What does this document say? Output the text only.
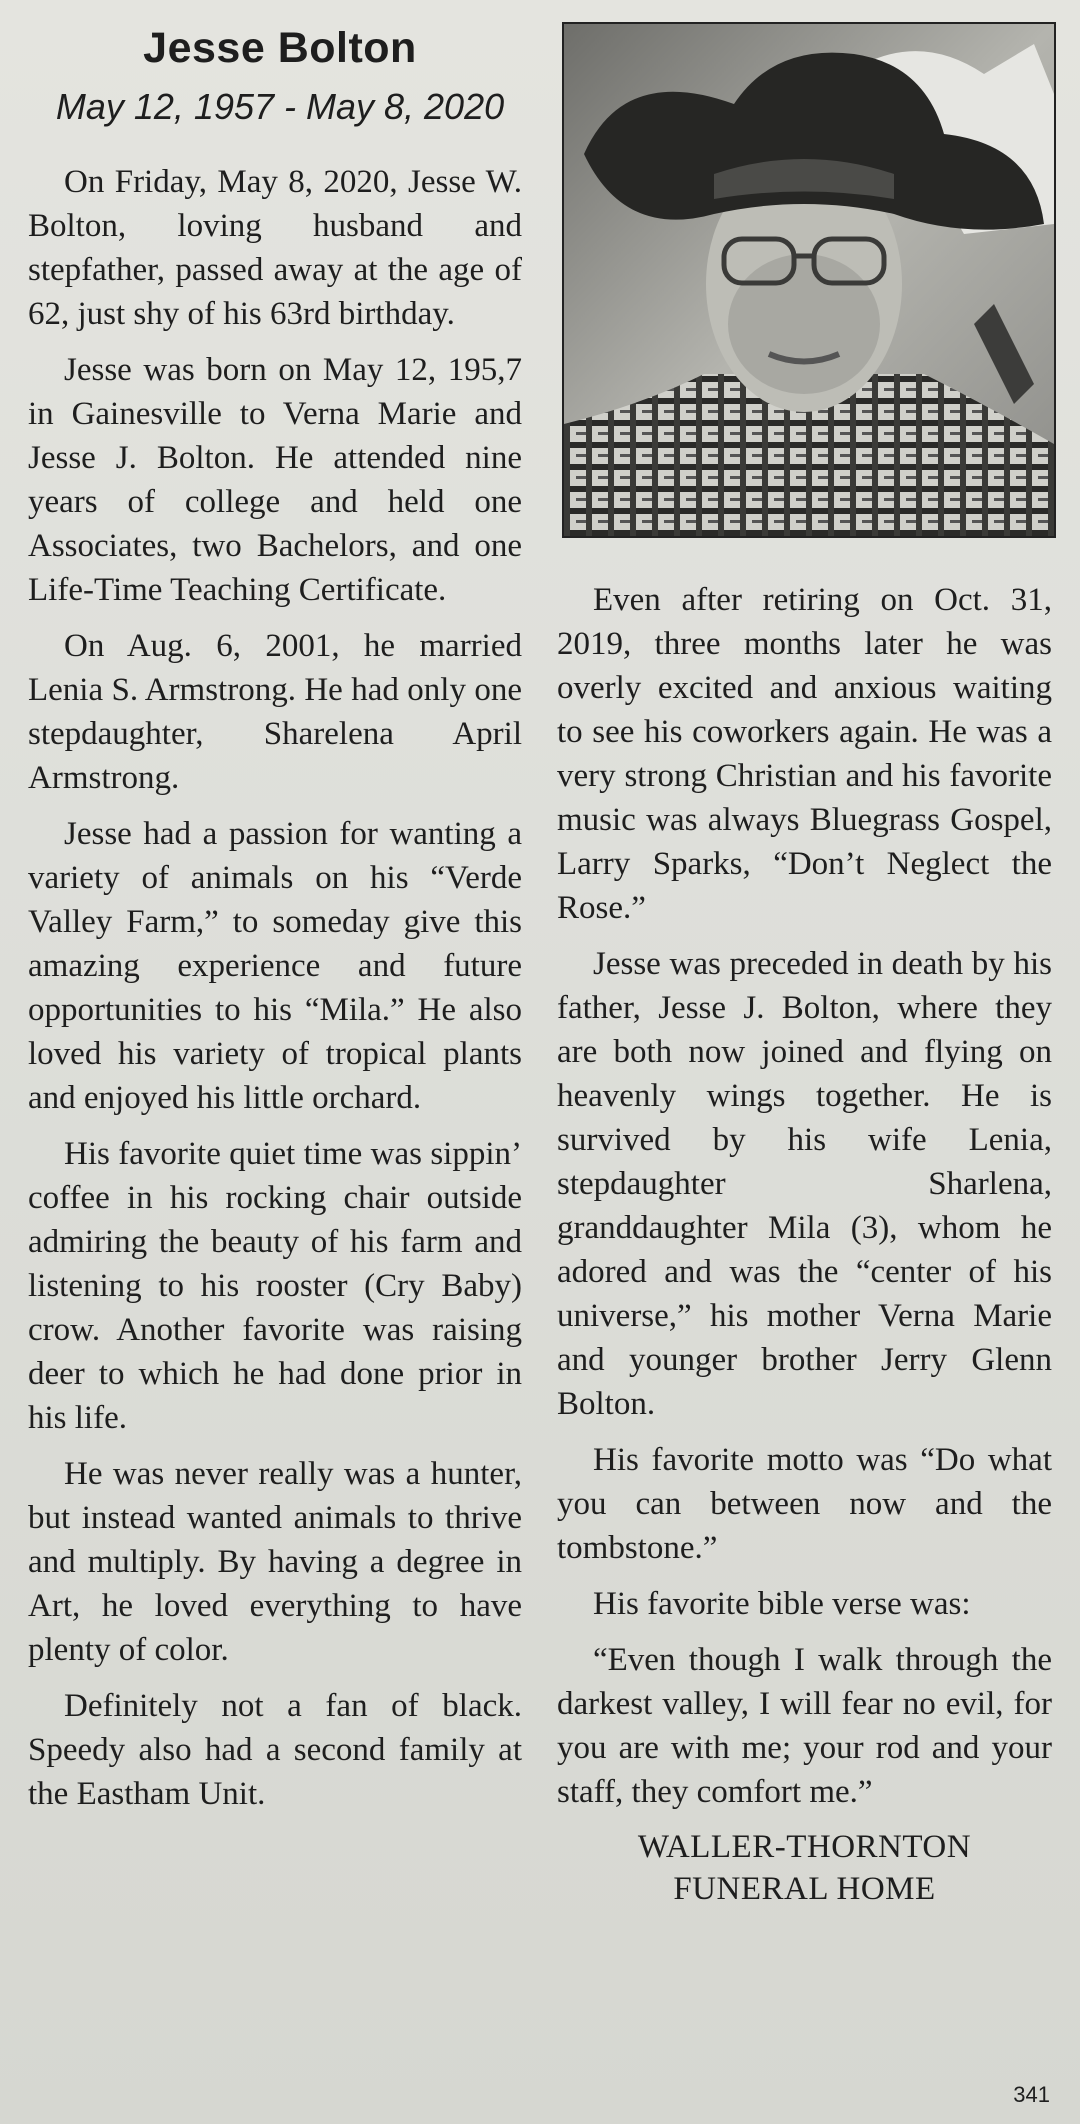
Jesse Bolton
May 12, 1957 - May 8, 2020

On Friday, May 8, 2020, Jesse W. Bolton, loving husband and stepfather, passed away at the age of 62, just shy of his 63rd birthday.

Jesse was born on May 12, 195,7 in Gainesville to Verna Marie and Jesse J. Bolton. He attended nine years of college and held one Associates, two Bachelors, and one Life-Time Teaching Certificate.

On Aug. 6, 2001, he married Lenia S. Armstrong. He had only one stepdaughter, Sharelena April Armstrong.

Jesse had a passion for wanting a variety of animals on his “Verde Valley Farm,” to someday give this amazing experience and future opportunities to his “Mila.” He also loved his variety of tropical plants and enjoyed his little orchard.

His favorite quiet time was sippin’ coffee in his rocking chair outside admiring the beauty of his farm and listening to his rooster (Cry Baby) crow. Another favorite was raising deer to which he had done prior in his life.

He was never really was a hunter, but instead wanted animals to thrive and multiply. By having a degree in Art, he loved everything to have plenty of color.

Definitely not a fan of black. Speedy also had a second family at the Eastham Unit.

Even after retiring on Oct. 31, 2019, three months later he was overly excited and anxious waiting to see his coworkers again. He was a very strong Christian and his favorite music was always Bluegrass Gospel, Larry Sparks, “Don’t Neglect the Rose.”

Jesse was preceded in death by his father, Jesse J. Bolton, where they are both now joined and flying on heavenly wings together. He is survived by his wife Lenia, stepdaughter Sharlena, granddaughter Mila (3), whom he adored and was the “center of his universe,” his mother Verna Marie and younger brother Jerry Glenn Bolton.

His favorite motto was “Do what you can between now and the tombstone.”

His favorite bible verse was:

“Even though I walk through the darkest valley, I will fear no evil, for you are with me; your rod and your staff, they comfort me.”

WALLER-THORNTON
FUNERAL HOME
341
